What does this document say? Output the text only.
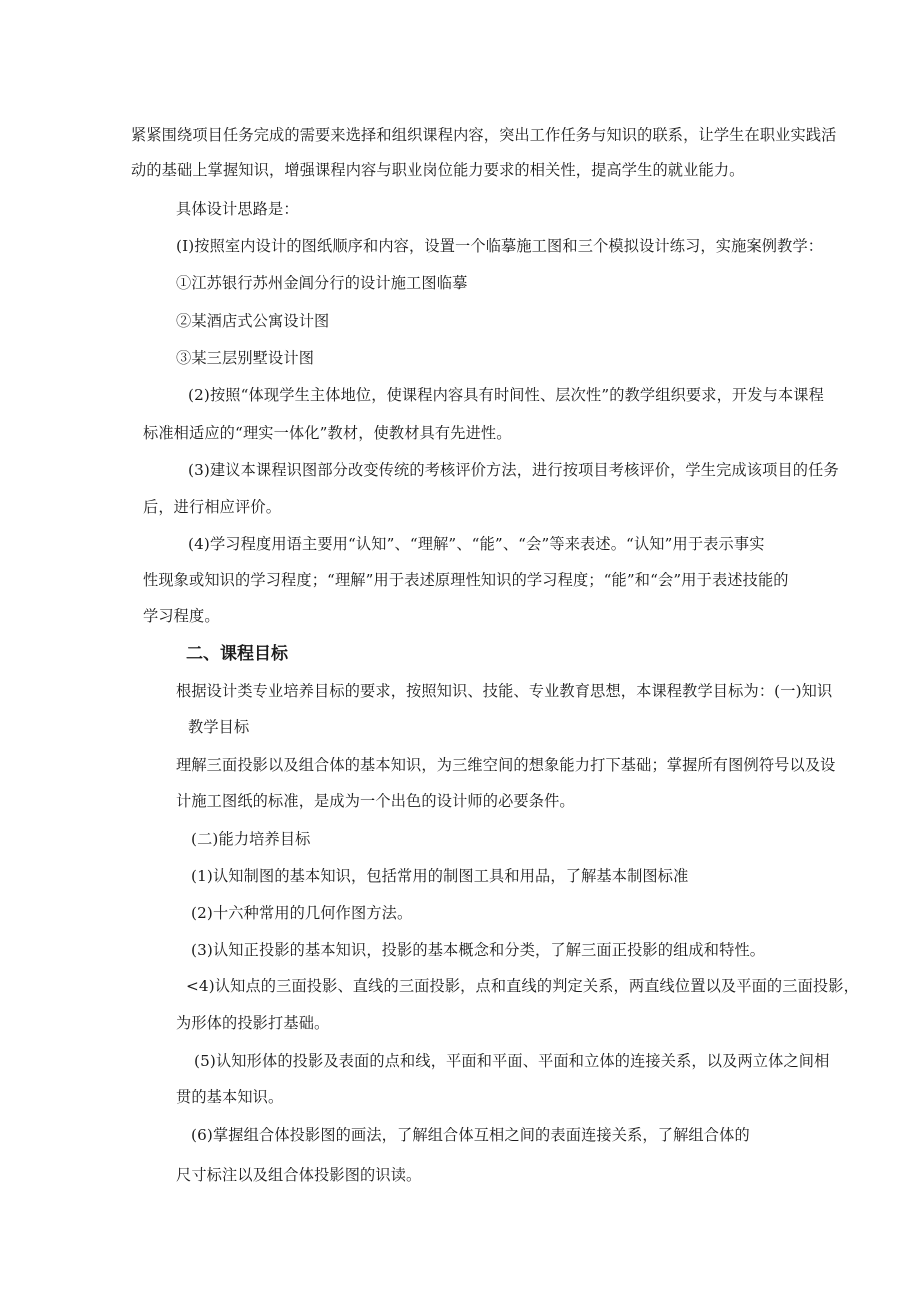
紧紧围绕项目任务完成的需要来选择和组织课程内容，突出工作任务与知识的联系，让学生在职业实践活
动的基础上掌握知识，增强课程内容与职业岗位能力要求的相关性，提高学生的就业能力。
具体设计思路是：
(I)按照室内设计的图纸顺序和内容，设置一个临摹施工图和三个模拟设计练习，实施案例教学：
①江苏银行苏州金阊分行的设计施工图临摹
②某酒店式公寓设计图
③某三层别墅设计图
(2)按照“体现学生主体地位，使课程内容具有时间性、层次性”的教学组织要求，开发与本课程
标准相适应的“理实一体化”教材，使教材具有先进性。
(3)建议本课程识图部分改变传统的考核评价方法，进行按项目考核评价，学生完成该项目的任务
后，进行相应评价。
(4)学习程度用语主要用“认知”、“理解”、“能”、“会”等来表述。“认知”用于表示事实
性现象或知识的学习程度；“理解”用于表述原理性知识的学习程度；“能”和“会”用于表述技能的
学习程度。
二、课程目标
根据设计类专业培养目标的要求，按照知识、技能、专业教育思想，本课程教学目标为：(一)知识
教学目标
理解三面投影以及组合体的基本知识，为三维空间的想象能力打下基础；掌握所有图例符号以及设
计施工图纸的标准，是成为一个出色的设计师的必要条件。
(二)能力培养目标
(1)认知制图的基本知识，包括常用的制图工具和用品，了解基本制图标准
(2)十六种常用的几何作图方法。
(3)认知正投影的基本知识，投影的基本概念和分类，了解三面正投影的组成和特性。
<4)认知点的三面投影、直线的三面投影，点和直线的判定关系，两直线位置以及平面的三面投影，
为形体的投影打基础。
(5)认知形体的投影及表面的点和线，平面和平面、平面和立体的连接关系，以及两立体之间相
贯的基本知识。
(6)掌握组合体投影图的画法，了解组合体互相之间的表面连接关系，了解组合体的
尺寸标注以及组合体投影图的识读。
